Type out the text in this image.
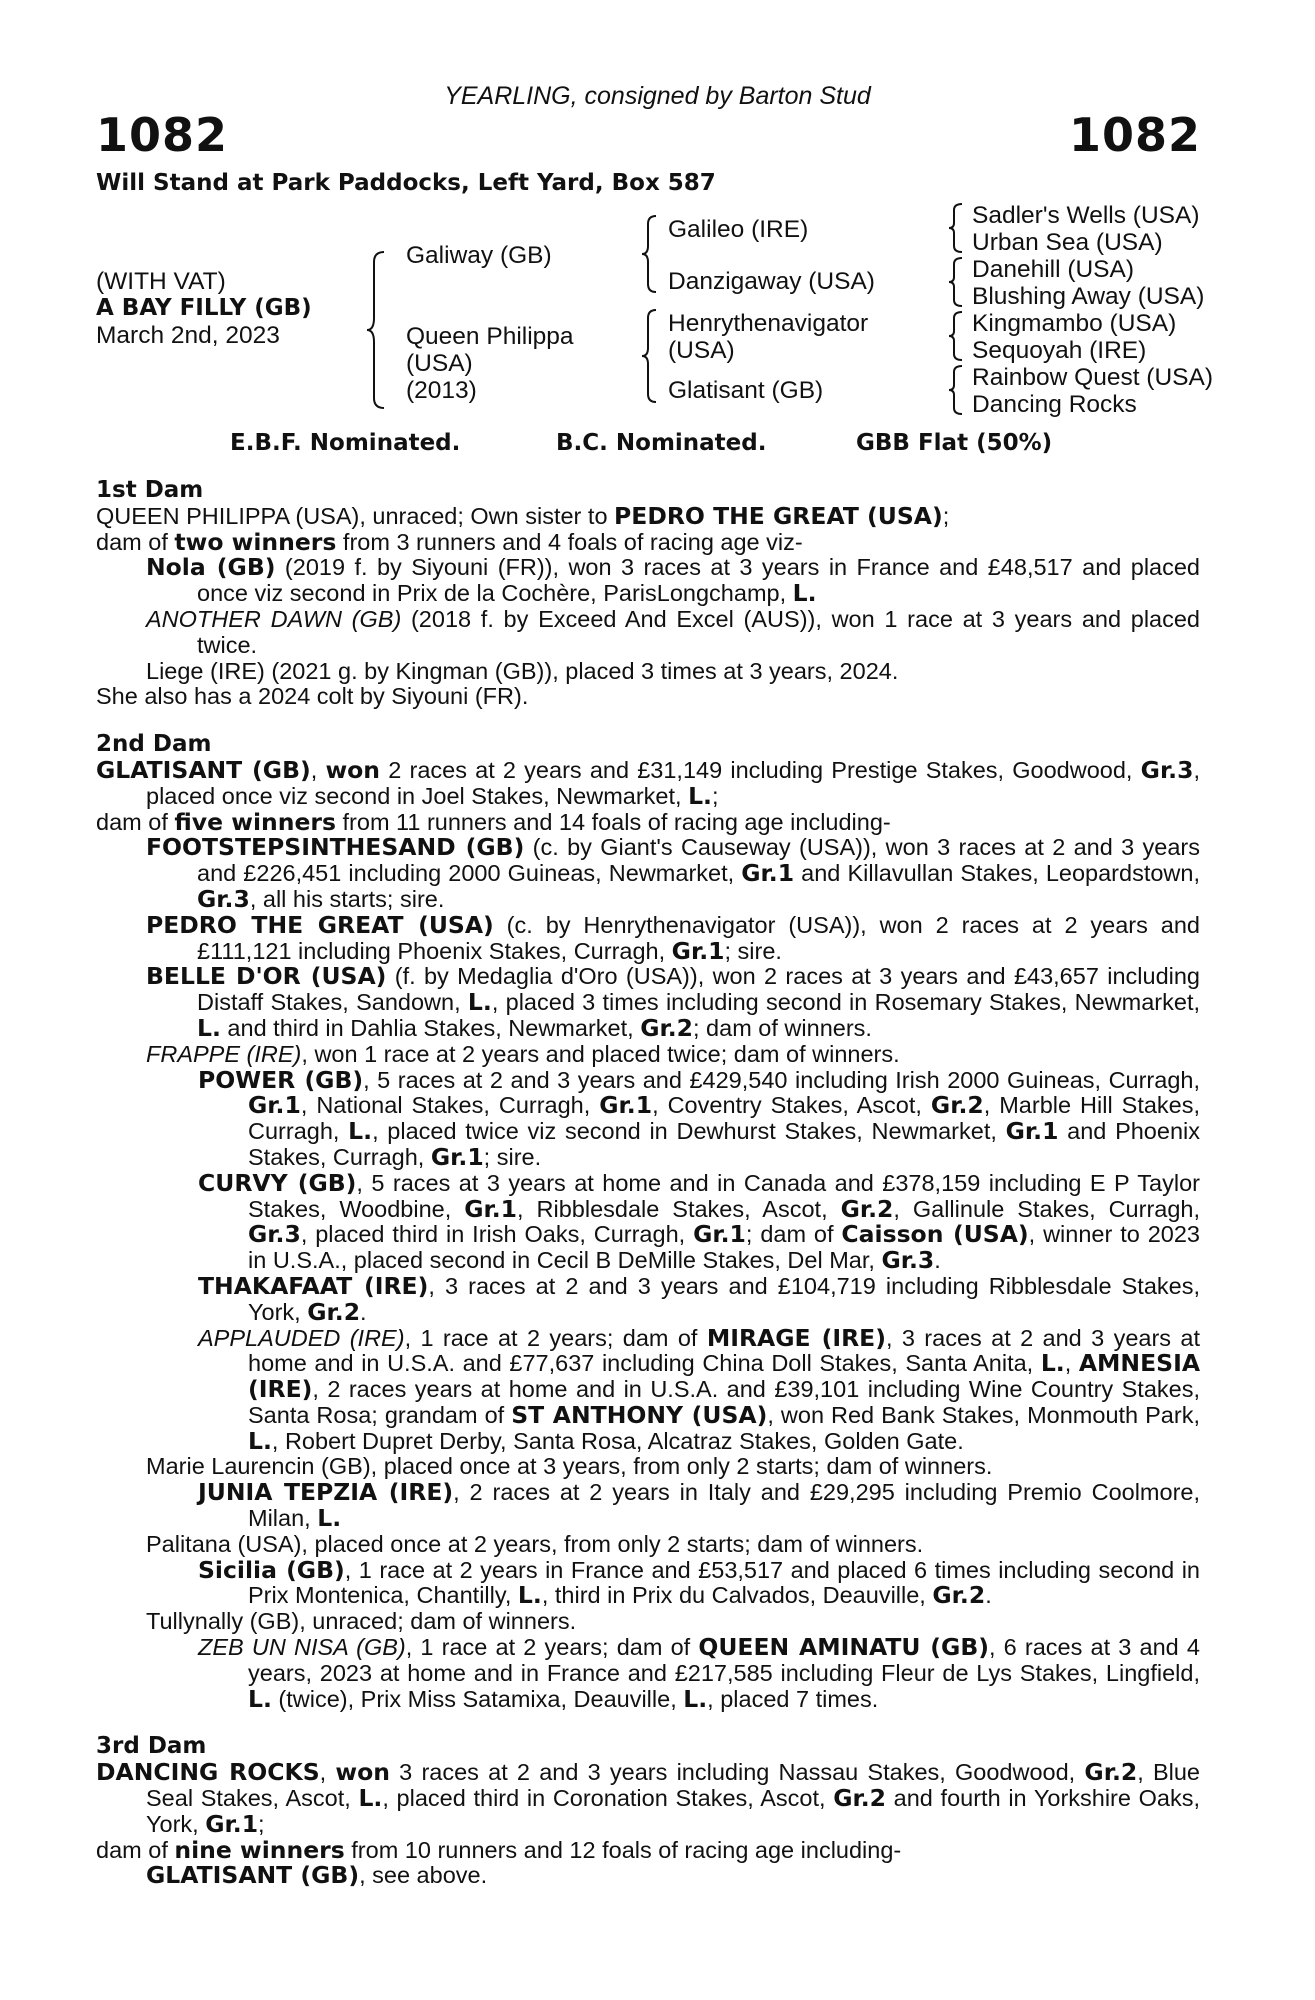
1082
YEARLING, consigned by Barton Stud
1082
Will Stand at Park Paddocks, Left Yard, Box 587
(WITH VAT)
A BAY FILLY (GB)
March 2nd, 2023
Galiway (GB)
Queen Philippa
(USA)
(2013)
Galileo (IRE)
Danzigaway (USA)
Henrythenavigator
(USA)
Glatisant (GB)
Sadler's Wells (USA)
Urban Sea (USA)
Danehill (USA)
Blushing Away (USA)
Kingmambo (USA)
Sequoyah (IRE)
Rainbow Quest (USA)
Dancing Rocks
E.B.F. Nominated.	B.C. Nominated.	GBB Flat (50%)
1st Dam
QUEEN PHILIPPA (USA), unraced; Own sister to PEDRO THE GREAT (USA);
dam of two winners from 3 runners and 4 foals of racing age viz-
Nola (GB) (2019 f. by Siyouni (FR)), won 3 races at 3 years in France and £48,517 and placed once viz second in Prix de la Cochère, ParisLongchamp, L.
ANOTHER DAWN (GB) (2018 f. by Exceed And Excel (AUS)), won 1 race at 3 years and placed twice.
Liege (IRE) (2021 g. by Kingman (GB)), placed 3 times at 3 years, 2024.
She also has a 2024 colt by Siyouni (FR).
2nd Dam
GLATISANT (GB), won 2 races at 2 years and £31,149 including Prestige Stakes, Goodwood, Gr.3, placed once viz second in Joel Stakes, Newmarket, L.;
dam of five winners from 11 runners and 14 foals of racing age including-
FOOTSTEPSINTHESAND (GB) (c. by Giant's Causeway (USA)), won 3 races at 2 and 3 years and £226,451 including 2000 Guineas, Newmarket, Gr.1 and Killavullan Stakes, Leopardstown, Gr.3, all his starts; sire.
PEDRO THE GREAT (USA) (c. by Henrythenavigator (USA)), won 2 races at 2 years and £111,121 including Phoenix Stakes, Curragh, Gr.1; sire.
BELLE D'OR (USA) (f. by Medaglia d'Oro (USA)), won 2 races at 3 years and £43,657 including Distaff Stakes, Sandown, L., placed 3 times including second in Rosemary Stakes, Newmarket, L. and third in Dahlia Stakes, Newmarket, Gr.2; dam of winners.
FRAPPE (IRE), won 1 race at 2 years and placed twice; dam of winners.
POWER (GB), 5 races at 2 and 3 years and £429,540 including Irish 2000 Guineas, Curragh, Gr.1, National Stakes, Curragh, Gr.1, Coventry Stakes, Ascot, Gr.2, Marble Hill Stakes, Curragh, L., placed twice viz second in Dewhurst Stakes, Newmarket, Gr.1 and Phoenix Stakes, Curragh, Gr.1; sire.
CURVY (GB), 5 races at 3 years at home and in Canada and £378,159 including E P Taylor Stakes, Woodbine, Gr.1, Ribblesdale Stakes, Ascot, Gr.2, Gallinule Stakes, Curragh, Gr.3, placed third in Irish Oaks, Curragh, Gr.1; dam of Caisson (USA), winner to 2023 in U.S.A., placed second in Cecil B DeMille Stakes, Del Mar, Gr.3.
THAKAFAAT (IRE), 3 races at 2 and 3 years and £104,719 including Ribblesdale Stakes, York, Gr.2.
APPLAUDED (IRE), 1 race at 2 years; dam of MIRAGE (IRE), 3 races at 2 and 3 years at home and in U.S.A. and £77,637 including China Doll Stakes, Santa Anita, L., AMNESIA (IRE), 2 races years at home and in U.S.A. and £39,101 including Wine Country Stakes, Santa Rosa; grandam of ST ANTHONY (USA), won Red Bank Stakes, Monmouth Park, L., Robert Dupret Derby, Santa Rosa, Alcatraz Stakes, Golden Gate.
Marie Laurencin (GB), placed once at 3 years, from only 2 starts; dam of winners.
JUNIA TEPZIA (IRE), 2 races at 2 years in Italy and £29,295 including Premio Coolmore, Milan, L.
Palitana (USA), placed once at 2 years, from only 2 starts; dam of winners.
Sicilia (GB), 1 race at 2 years in France and £53,517 and placed 6 times including second in Prix Montenica, Chantilly, L., third in Prix du Calvados, Deauville, Gr.2.
Tullynally (GB), unraced; dam of winners.
ZEB UN NISA (GB), 1 race at 2 years; dam of QUEEN AMINATU (GB), 6 races at 3 and 4 years, 2023 at home and in France and £217,585 including Fleur de Lys Stakes, Lingfield, L. (twice), Prix Miss Satamixa, Deauville, L., placed 7 times.
3rd Dam
DANCING ROCKS, won 3 races at 2 and 3 years including Nassau Stakes, Goodwood, Gr.2, Blue Seal Stakes, Ascot, L., placed third in Coronation Stakes, Ascot, Gr.2 and fourth in Yorkshire Oaks, York, Gr.1;
dam of nine winners from 10 runners and 12 foals of racing age including-
GLATISANT (GB), see above.
